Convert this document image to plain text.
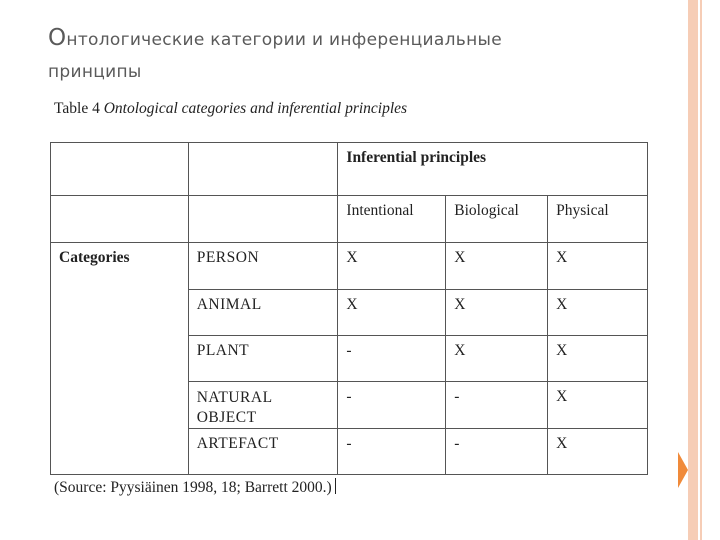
Онтологические категории и инференциальные
принципы
Table 4 Ontological categories and inferential principles
		Inferential principles		
		Intentional	Biological	Physical
Categories	PERSON	X	X	X
	ANIMAL	X	X	X
	PLANT	-	X	X
	NATURAL OBJECT	-	-	X
	ARTEFACT	-	-	X
(Source: Pyysiäinen 1998, 18; Barrett 2000.)
